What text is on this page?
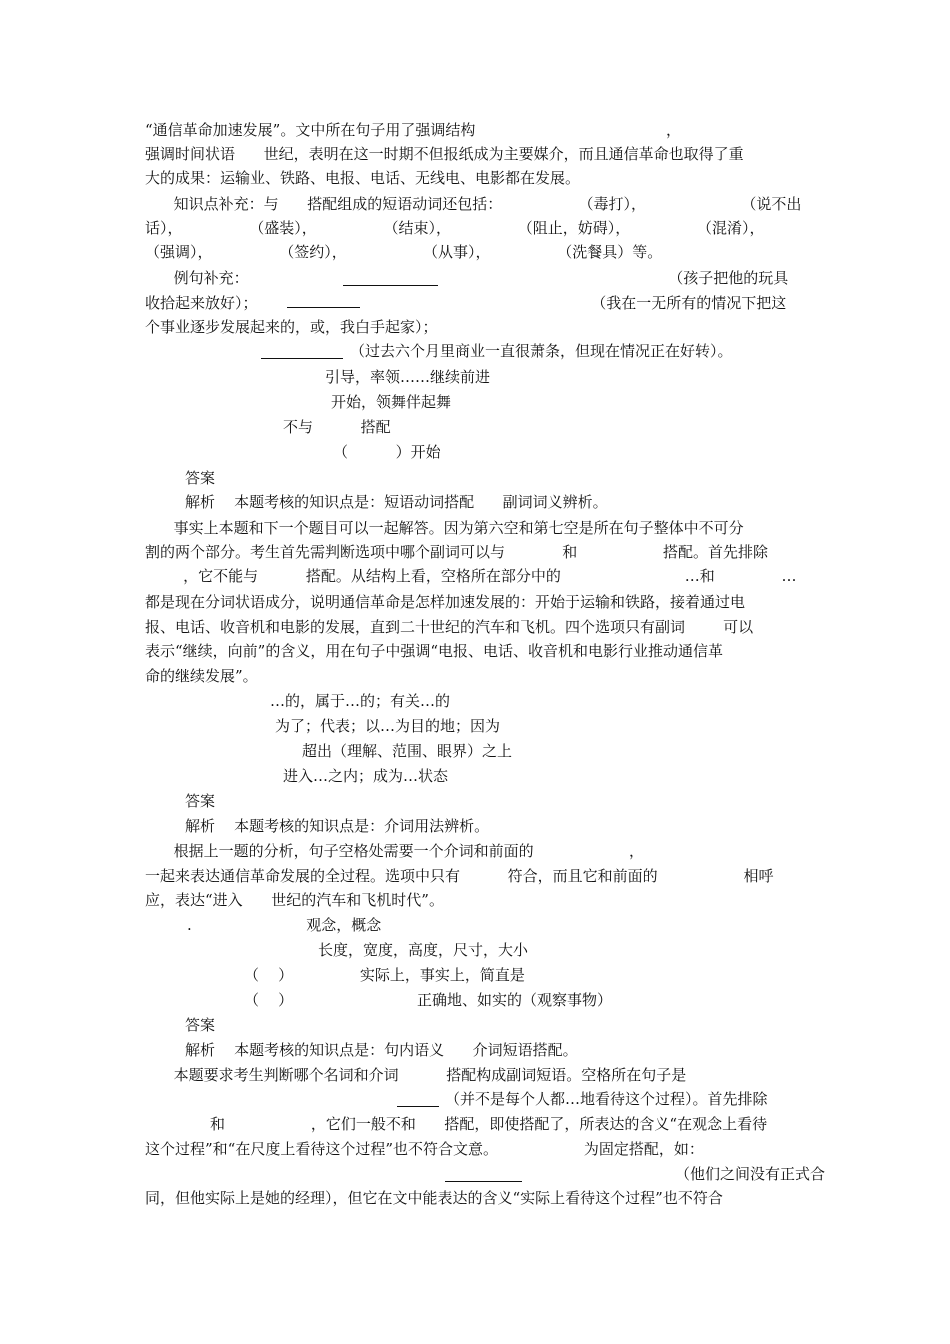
“通信革命加速发展”。文中所在句子用了强调结构                                        ，
强调时间状语      世纪，表明在这一时期不但报纸成为主要媒介，而且通信革命也取得了重
大的成果：运输业、铁路、电报、电话、无线电、电影都在发展。
知识点补充：与      搭配组成的短语动词还包括：                （毒打），                    （说不出
话），              （盛装），              （结束），              （阻止，妨碍），              （混淆），
（强调），              （签约），                （从事），              （洗餐具）等。
例句补充：                                                                                        （孩子把他的玩具
收拾起来放好）；                                                                      （我在一无所有的情况下把这
个事业逐步发展起来的，或，我白手起家）；
（过去六个月里商业一直很萧条，但现在情况正在好转）。
引导，率领……继续前进
开始，领舞伴起舞
不与          搭配
（          ）开始
答案
解析    本题考核的知识点是：短语动词搭配      副词词义辨析。
事实上本题和下一个题目可以一起解答。因为第六空和第七空是所在句子整体中不可分
割的两个部分。考生首先需判断选项中哪个副词可以与            和                  搭配。首先排除
，它不能与          搭配。从结构上看，空格所在部分中的                          …和              …
都是现在分词状语成分，说明通信革命是怎样加速发展的：开始于运输和铁路，接着通过电
报、电话、收音机和电影的发展，直到二十世纪的汽车和飞机。四个选项只有副词        可以
表示“继续，向前”的含义，用在句子中强调“电报、电话、收音机和电影行业推动通信革
命的继续发展”。
…的，属于…的；有关…的
为了；代表；以…为目的地；因为
超出（理解、范围、眼界）之上
进入…之内；成为…状态
答案
解析    本题考核的知识点是：介词用法辨析。
根据上一题的分析，句子空格处需要一个介词和前面的                    ，
一起来表达通信革命发展的全过程。选项中只有          符合，而且它和前面的                  相呼
应，表达“进入      世纪的汽车和飞机时代”。
.                        观念，概念
长度，宽度，高度，尺寸，大小
（    ）              实际上，事实上，简直是
（    ）                          正确地、如实的（观察事物）
答案
解析    本题考核的知识点是：句内语义      介词短语搭配。
本题要求考生判断哪个名词和介词          搭配构成副词短语。空格所在句子是
（并不是每个人都…地看待这个过程）。首先排除
和                  ，它们一般不和      搭配，即使搭配了，所表达的含义“在观念上看待
这个过程”和“在尺度上看待这个过程”也不符合文意。                  为固定搭配，如：
（他们之间没有正式合
同，但他实际上是她的经理），但它在文中能表达的含义“实际上看待这个过程”也不符合
